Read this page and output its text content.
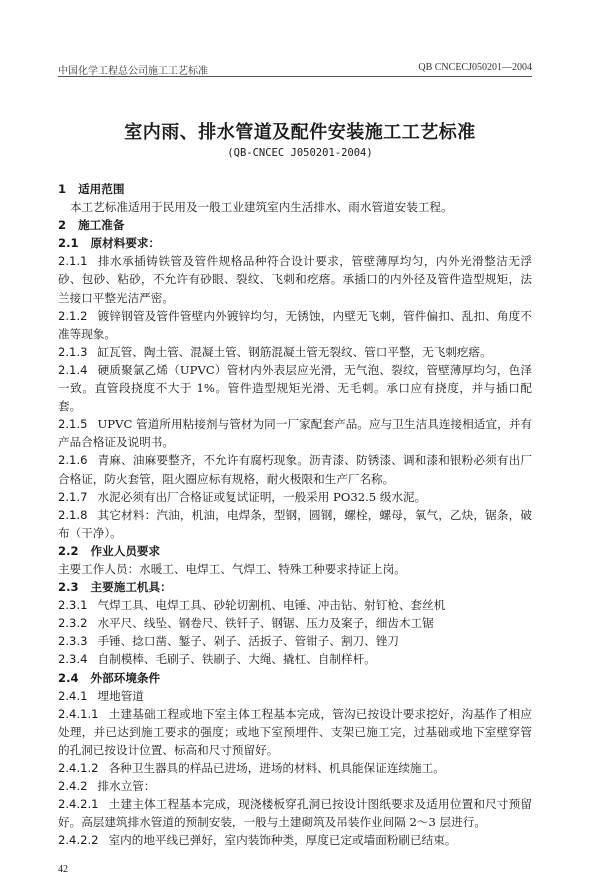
中国化学工程总公司施工工艺标准	QB CNCECJ050201—2004
室内雨、排水管道及配件安装施工工艺标准
(QB-CNCEC J050201-2004)

1 适用范围

本工艺标准适用于民用及一般工业建筑室内生活排水、雨水管道安装工程。

2 施工准备

2.1 原材料要求：

2.1.1 排水承插铸铁管及管件规格品种符合设计要求，管壁薄厚均匀，内外光滑整洁无浮砂、包砂、粘砂，不允许有砂眼、裂纹、飞刺和疙瘩。承插口的内外径及管件造型规矩，法兰接口平整光洁严密。

2.1.2 镀锌钢管及管件管壁内外镀锌均匀，无锈蚀，内壁无飞刺，管件偏扣、乱扣、角度不准等现象。

2.1.3 缸瓦管、陶土管、混凝土管、钢筋混凝土管无裂纹、管口平整，无飞刺疙瘩。

2.1.4 硬质聚氯乙烯（UPVC）管材内外表层应光滑，无气泡、裂纹，管壁薄厚均匀，色泽一致。直管段挠度不大于 1%。管件造型规矩光滑、无毛刺。承口应有挠度，并与插口配套。

2.1.5 UPVC 管道所用粘接剂与管材为同一厂家配套产品。应与卫生洁具连接相适宜，并有产品合格证及说明书。

2.1.6 青麻、油麻要整齐，不允许有腐朽现象。沥青漆、防锈漆、调和漆和银粉必须有出厂合格证，防火套管，阻火圈应标有规格，耐火极限和生产厂名称。

2.1.7 水泥必须有出厂合格证或复试证明，一般采用 PO32.5 级水泥。

2.1.8 其它材料：汽油，机油，电焊条，型钢，圆钢，螺栓，螺母，氧气，乙炔，锯条，破布（干净）。

2.2 作业人员要求

主要工作人员：水暖工、电焊工、气焊工、特殊工种要求持证上岗。

2.3 主要施工机具：

2.3.1 气焊工具、电焊工具、砂轮切割机、电锤、冲击钻、射钉枪、套丝机

2.3.2 水平尺、线坠、钢卷尺、铁钎子、钢锯、压力及案子，细齿木工锯

2.3.3 手锤、捻口凿、錾子、剁子、活扳子、管钳子、割刀、锉刀

2.3.4 自制模棒、毛刷子、铁刷子、大绳、撬杠、自制样杆。

2.4 外部环境条件

2.4.1 埋地管道

2.4.1.1 土建基础工程或地下室主体工程基本完成，管沟已按设计要求挖好，沟基作了相应处理，并已达到施工要求的强度；或地下室预埋件、支架已施工完，过基础或地下室壁穿管的孔洞已按设计位置、标高和尺寸预留好。

2.4.1.2 各种卫生器具的样品已进场，进场的材料、机具能保证连续施工。

2.4.2 排水立管：

2.4.2.1 土建主体工程基本完成，现浇楼板穿孔洞已按设计图纸要求及适用位置和尺寸预留好。高层建筑排水管道的预制安装，一般与土建砌筑及吊装作业间隔 2～3 层进行。

2.4.2.2 室内的地平线已弹好，室内装饰种类，厚度已定或墙面粉刷已结束。

42
